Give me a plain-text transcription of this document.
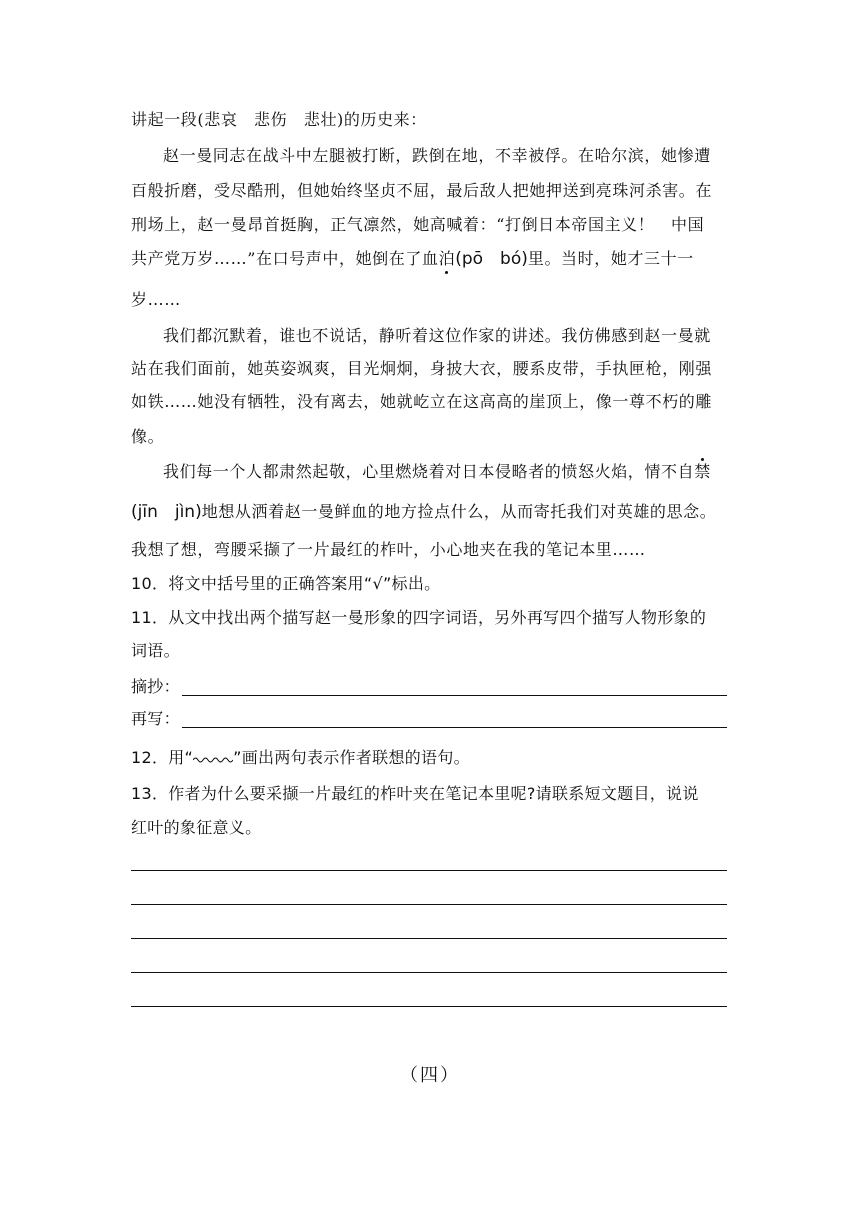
讲起一段(悲哀　悲伤　悲壮)的历史来：
赵一曼同志在战斗中左腿被打断，跌倒在地，不幸被俘。在哈尔滨，她惨遭
百般折磨，受尽酷刑，但她始终坚贞不屈，最后敌人把她押送到亮珠河杀害。在
刑场上，赵一曼昂首挺胸，正气凛然，她高喊着：“打倒日本帝国主义！　中国
共产党万岁……”在口号声中，她倒在了血泊(pō　bó)里。当时，她才三十一
岁……
我们都沉默着，谁也不说话，静听着这位作家的讲述。我仿佛感到赵一曼就
站在我们面前，她英姿飒爽，目光炯炯，身披大衣，腰系皮带，手执匣枪，刚强
如铁……她没有牺牲，没有离去，她就屹立在这高高的崖顶上，像一尊不朽的雕
像。
我们每一个人都肃然起敬，心里燃烧着对日本侵略者的愤怒火焰，情不自禁
(jīn　jìn)地想从洒着赵一曼鲜血的地方捡点什么，从而寄托我们对英雄的思念。
我想了想，弯腰采撷了一片最红的柞叶，小心地夹在我的笔记本里……
10．将文中括号里的正确答案用“√”标出。
11．从文中找出两个描写赵一曼形象的四字词语，另外再写四个描写人物形象的
词语。
摘抄：
再写：
12．用“	”画出两句表示作者联想的语句。
13．作者为什么要采撷一片最红的柞叶夹在笔记本里呢?请联系短文题目，说说
红叶的象征意义。
（四）
